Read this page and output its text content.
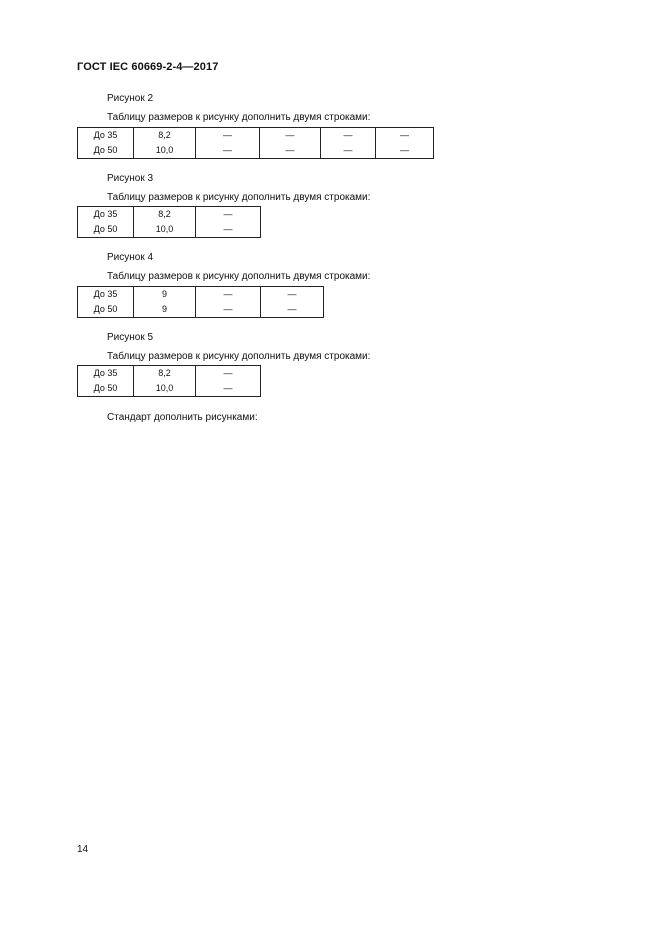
ГОСТ IEC 60669-2-4—2017
Рисунок 2
Таблицу размеров к рисунку дополнить двумя строками:
До 35	8,2	—	—	—	—
До 50	10,0	—	—	—	—
Рисунок 3
Таблицу размеров к рисунку дополнить двумя строками:
До 35	8,2	—
До 50	10,0	—
Рисунок 4
Таблицу размеров к рисунку дополнить двумя строками:
До 35	9	—	—
До 50	9	—	—
Рисунок 5
Таблицу размеров к рисунку дополнить двумя строками:
До 35	8,2	—
До 50	10,0	—
Стандарт дополнить рисунками:
14
